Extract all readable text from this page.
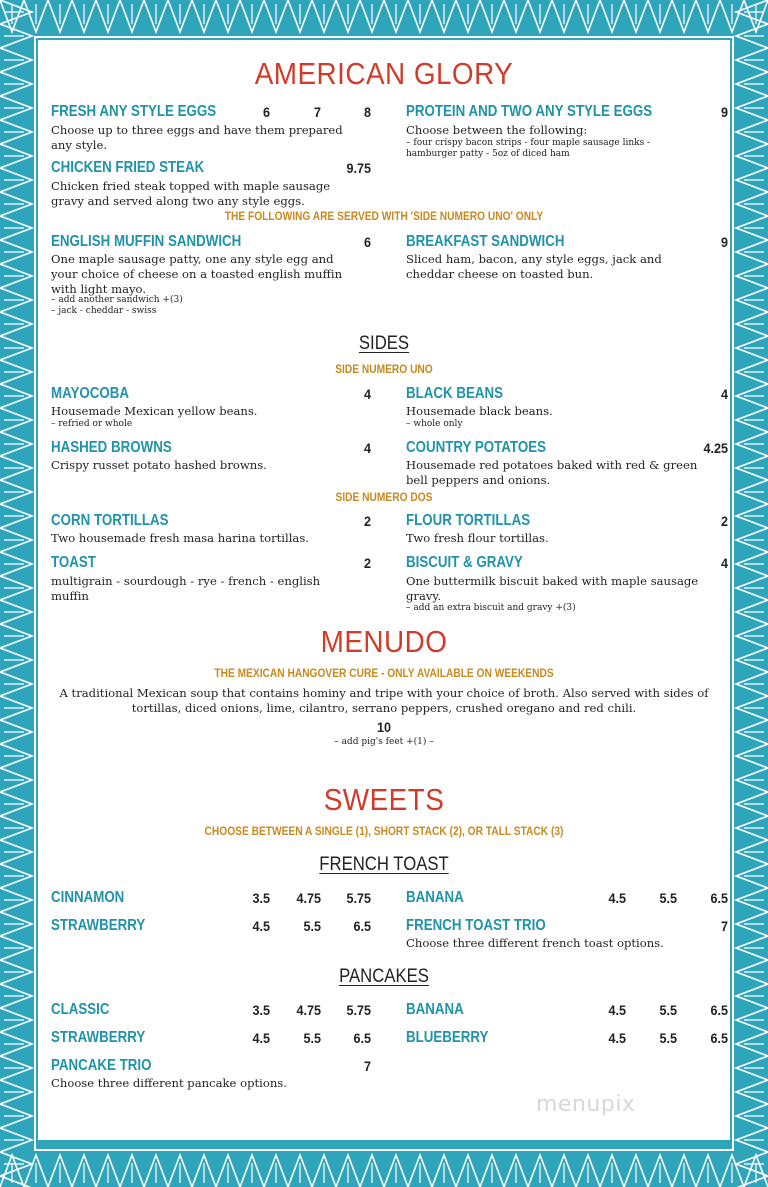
AMERICAN GLORY
FRESH ANY STYLE EGGS	6	7	8
Choose up to three eggs and have them prepared any style.
PROTEIN AND TWO ANY STYLE EGGS	9
Choose between the following:
– four crispy bacon strips - four maple sausage links - hamburger patty - 5oz of diced ham
CHICKEN FRIED STEAK	9.75
Chicken fried steak topped with maple sausage gravy and served along two any style eggs.
THE FOLLOWING ARE SERVED WITH 'SIDE NUMERO UNO' ONLY
ENGLISH MUFFIN SANDWICH	6
One maple sausage patty, one any style egg and your choice of cheese on a toasted english muffin with light mayo.
– add another sandwich +(3)
– jack - cheddar - swiss
BREAKFAST SANDWICH	9
Sliced ham, bacon, any style eggs, jack and cheddar cheese on toasted bun.
SIDES
SIDE NUMERO UNO
MAYOCOBA	4
Housemade Mexican yellow beans.
– refried or whole
BLACK BEANS	4
Housemade black beans.
– whole only
HASHED BROWNS	4
Crispy russet potato hashed browns.
COUNTRY POTATOES	4.25
Housemade red potatoes baked with red & green bell peppers and onions.
SIDE NUMERO DOS
CORN TORTILLAS	2
Two housemade fresh masa harina tortillas.
FLOUR TORTILLAS	2
Two fresh flour tortillas.
TOAST	2
multigrain - sourdough - rye - french - english muffin
BISCUIT & GRAVY	4
One buttermilk biscuit baked with maple sausage gravy.
– add an extra biscuit and gravy +(3)
MENUDO
THE MEXICAN HANGOVER CURE - ONLY AVAILABLE ON WEEKENDS
A traditional Mexican soup that contains hominy and tripe with your choice of broth. Also served with sides of tortillas, diced onions, lime, cilantro, serrano peppers, crushed oregano and red chili.
10
– add pig's feet +(1) –
SWEETS
CHOOSE BETWEEN A SINGLE (1), SHORT STACK (2), OR TALL STACK (3)
FRENCH TOAST
CINNAMON	3.5	4.75	5.75 BANANA	4.5	5.5	6.5
STRAWBERRY	4.5	5.5	6.5 FRENCH TOAST TRIO	7
Choose three different french toast options.
PANCAKES
CLASSIC	3.5	4.75	5.75 BANANA	4.5	5.5	6.5
STRAWBERRY	4.5	5.5	6.5 BLUEBERRY	4.5	5.5	6.5
PANCAKE TRIO	7
Choose three different pancake options.
menupix
